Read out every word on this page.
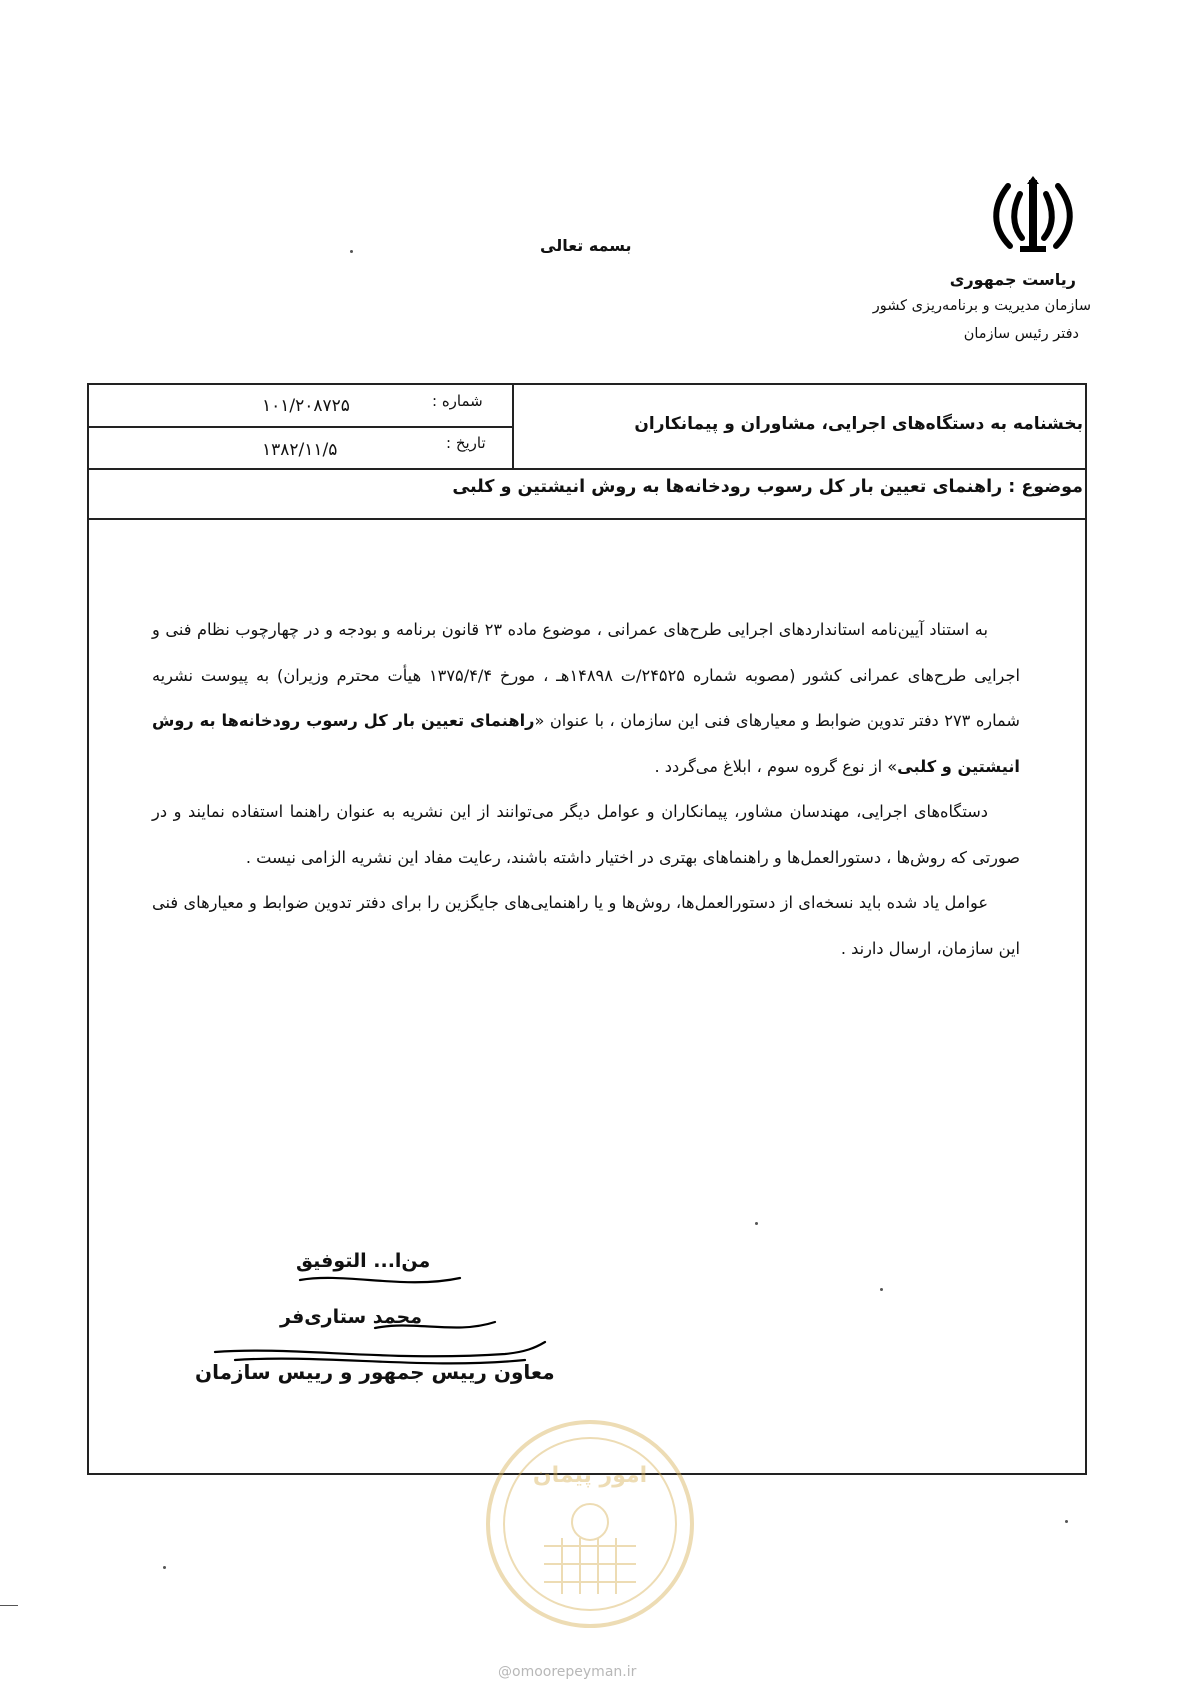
ریاست جمهوری
سازمان مدیریت و برنامه‌ریزی کشور
دفتر رئیس سازمان
بسمه تعالی
بخشنامه به دستگاه‌های اجرایی، مشاوران و پیمانکاران
شماره :
۱۰۱/۲۰۸۷۲۵
تاریخ :
۱۳۸۲/۱۱/۵
موضوع : راهنمای تعیین بار کل رسوب رودخانه‌ها به روش انیشتین و کلبی

به استناد آیین‌نامه استانداردهای اجرایی طرح‌های عمرانی ، موضوع ماده ۲۳ قانون برنامه و بودجه و در چهارچوب نظام فنی و اجرایی طرح‌های عمرانی کشور (مصوبه شماره ۲۴۵۲۵/ت ۱۴۸۹۸هـ ، مورخ ۱۳۷۵/۴/۴ هیأت محترم وزیران) به پیوست نشریه شماره ۲۷۳ دفتر تدوین ضوابط و معیارهای فنی این سازمان ، با عنوان «راهنمای تعیین بار کل رسوب رودخانه‌ها به روش انیشتین و کلبی» از نوع گروه سوم ، ابلاغ می‌گردد .

دستگاه‌های اجرایی، مهندسان مشاور، پیمانکاران و عوامل دیگر می‌توانند از این نشریه به عنوان راهنما استفاده نمایند و در صورتی که روش‌ها ، دستورالعمل‌ها و راهنماهای بهتری در اختیار داشته باشند، رعایت مفاد این نشریه الزامی نیست .

عوامل یاد شده باید نسخه‌ای از دستورالعمل‌ها، روش‌ها و یا راهنمایی‌های جایگزین را برای دفتر تدوین ضوابط و معیارهای فنی این سازمان، ارسال دارند .

من‌ا... التوفیق
محمد ستاری‌فر
معاون رییس جمهور و رییس سازمان
امور پیمان
@omoorepeyman.ir
